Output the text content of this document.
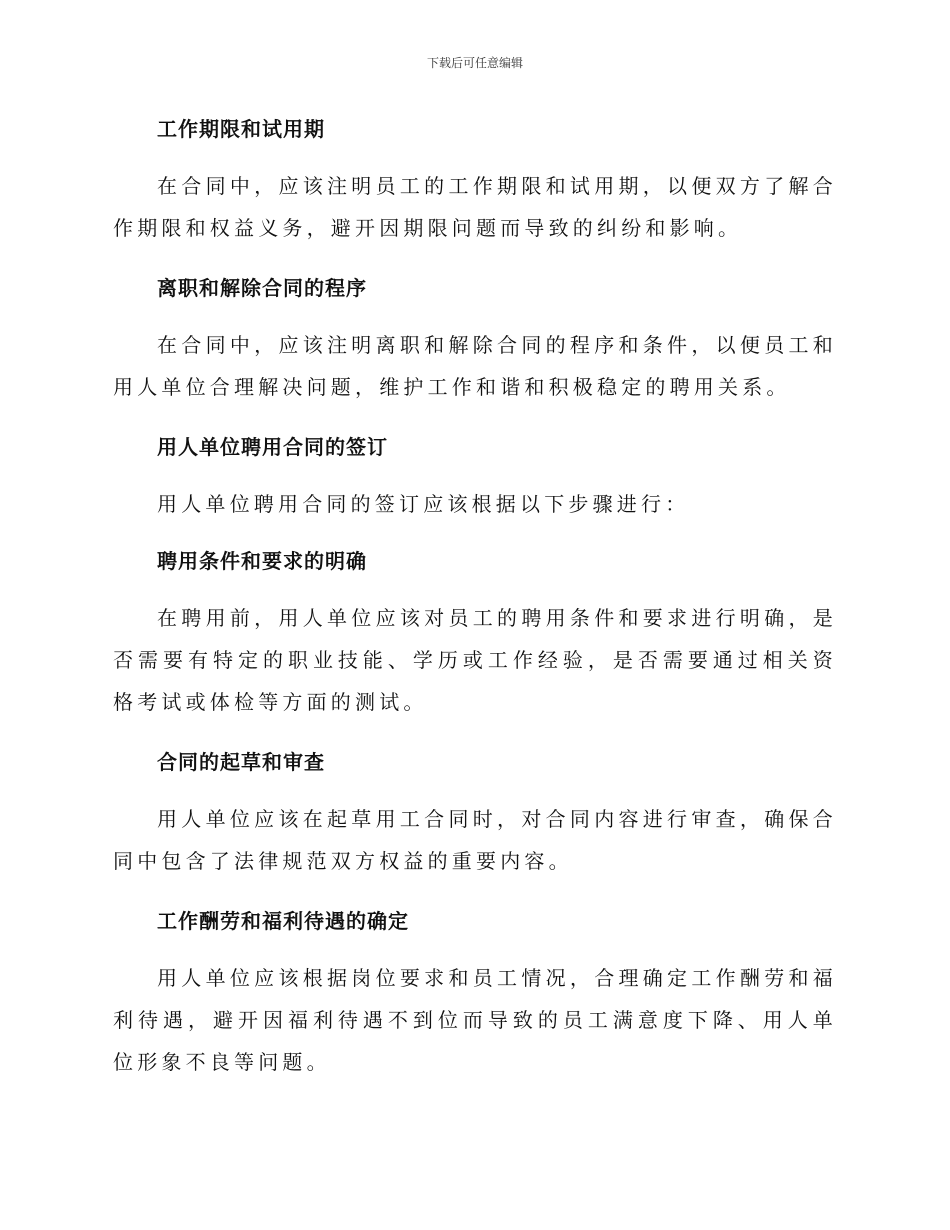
下载后可任意编辑
工作期限和试用期

在合同中，应该注明员工的工作期限和试用期，以便双方了解合作期限和权益义务，避开因期限问题而导致的纠纷和影响。

离职和解除合同的程序

在合同中，应该注明离职和解除合同的程序和条件，以便员工和用人单位合理解决问题，维护工作和谐和积极稳定的聘用关系。

用人单位聘用合同的签订

用人单位聘用合同的签订应该根据以下步骤进行：

聘用条件和要求的明确

在聘用前，用人单位应该对员工的聘用条件和要求进行明确，是否需要有特定的职业技能、学历或工作经验，是否需要通过相关资格考试或体检等方面的测试。

合同的起草和审查

用人单位应该在起草用工合同时，对合同内容进行审查，确保合同中包含了法律规范双方权益的重要内容。

工作酬劳和福利待遇的确定

用人单位应该根据岗位要求和员工情况，合理确定工作酬劳和福利待遇，避开因福利待遇不到位而导致的员工满意度下降、用人单位形象不良等问题。
